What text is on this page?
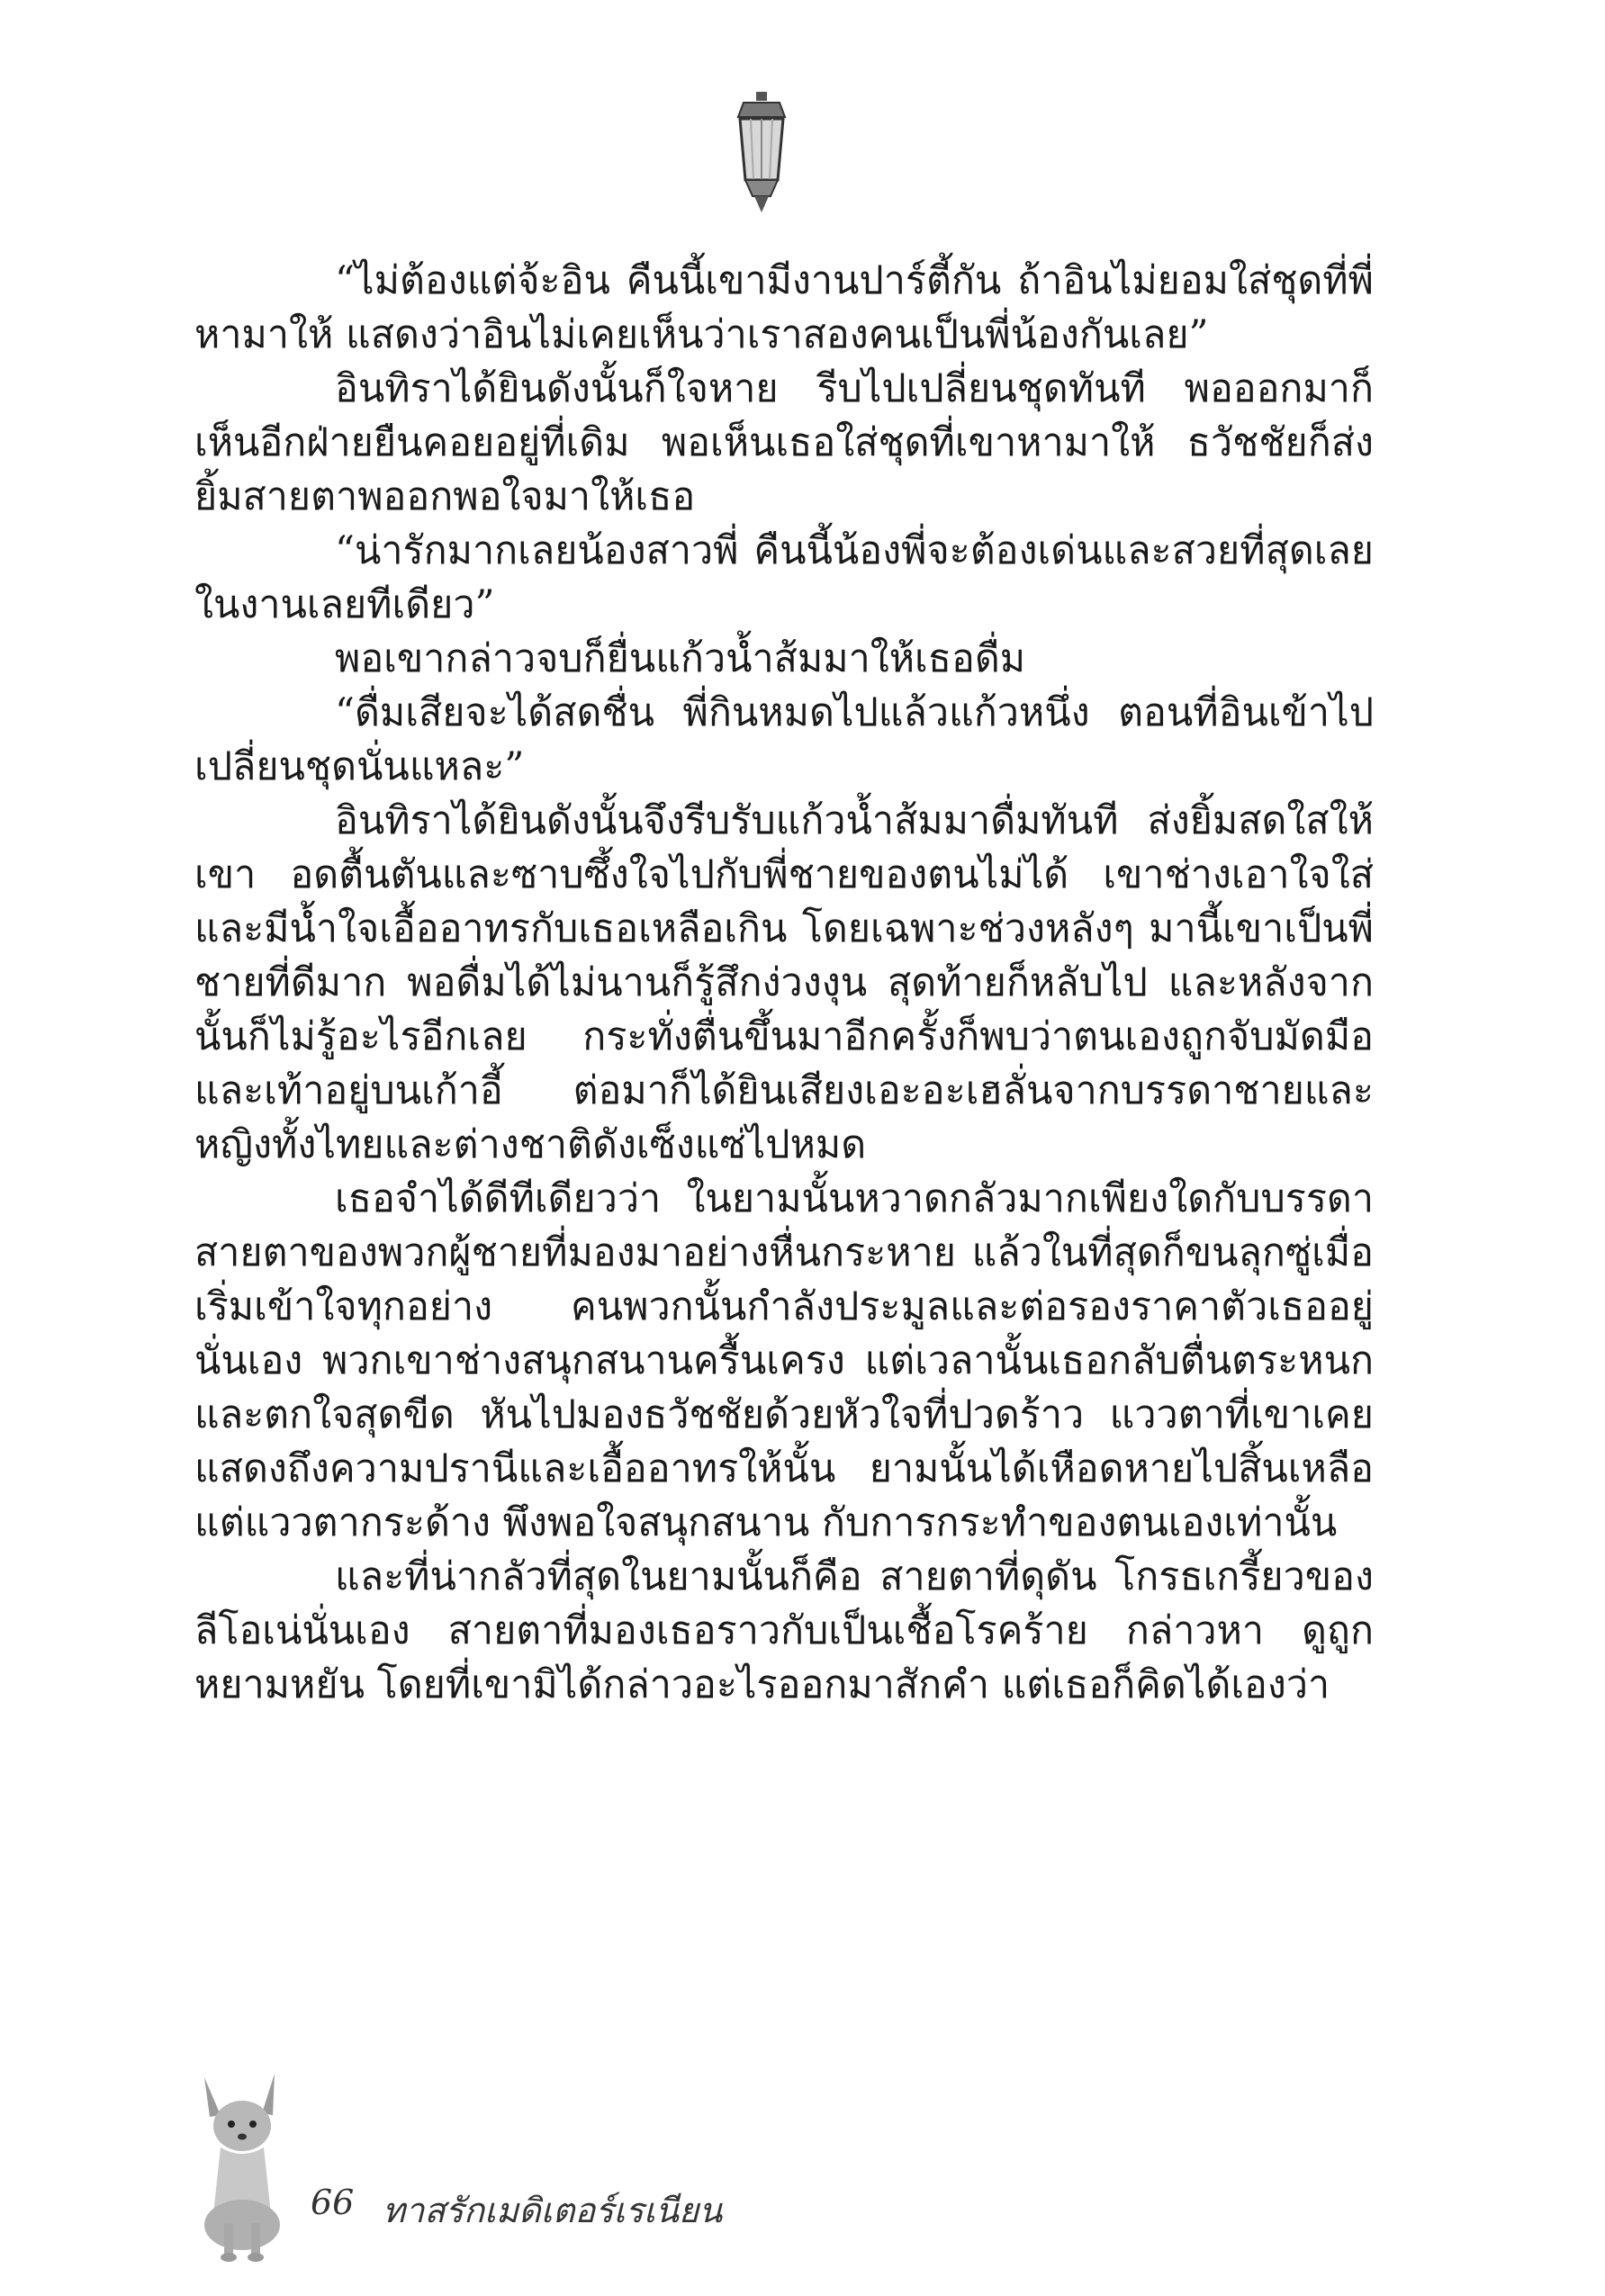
“ไม่ต้องแต่จ้ะอิน คืนนี้เขามีงานปาร์ตี้กัน ถ้าอินไม่ยอมใส่ชุดที่พี่หามาให้ แสดงว่าอินไม่เคยเห็นว่าเราสองคนเป็นพี่น้องกันเลย”

อินทิราได้ยินดังนั้นก็ใจหาย รีบไปเปลี่ยนชุดทันที พอออกมาก็เห็นอีกฝ่ายยืนคอยอยู่ที่เดิม พอเห็นเธอใส่ชุดที่เขาหามาให้ ธวัชชัยก็ส่งยิ้มสายตาพออกพอใจมาให้เธอ

“น่ารักมากเลยน้องสาวพี่ คืนนี้น้องพี่จะต้องเด่นและสวยที่สุดเลยในงานเลยทีเดียว”

พอเขากล่าวจบก็ยื่นแก้วน้ำส้มมาให้เธอดื่ม

“ดื่มเสียจะได้สดชื่น พี่กินหมดไปแล้วแก้วหนึ่ง ตอนที่อินเข้าไปเปลี่ยนชุดนั่นแหละ”

อินทิราได้ยินดังนั้นจึงรีบรับแก้วน้ำส้มมาดื่มทันที ส่งยิ้มสดใสให้เขา อดตื้นตันและซาบซึ้งใจไปกับพี่ชายของตนไม่ได้ เขาช่างเอาใจใส่และมีน้ำใจเอื้ออาทรกับเธอเหลือเกิน โดยเฉพาะช่วงหลังๆ มานี้เขาเป็นพี่ชายที่ดีมาก พอดื่มได้ไม่นานก็รู้สึกง่วงงุน สุดท้ายก็หลับไป และหลังจากนั้นก็ไม่รู้อะไรอีกเลย กระทั่งตื่นขึ้นมาอีกครั้งก็พบว่าตนเองถูกจับมัดมือและเท้าอยู่บนเก้าอี้ ต่อมาก็ได้ยินเสียงเอะอะเฮลั่นจากบรรดาชายและหญิงทั้งไทยและต่างชาติดังเซ็งแซ่ไปหมด

เธอจำได้ดีทีเดียวว่า ในยามนั้นหวาดกลัวมากเพียงใดกับบรรดาสายตาของพวกผู้ชายที่มองมาอย่างหื่นกระหาย แล้วในที่สุดก็ขนลุกซู่เมื่อเริ่มเข้าใจทุกอย่าง คนพวกนั้นกำลังประมูลและต่อรองราคาตัวเธออยู่นั่นเอง พวกเขาช่างสนุกสนานครื้นเครง แต่เวลานั้นเธอกลับตื่นตระหนกและตกใจสุดขีด หันไปมองธวัชชัยด้วยหัวใจที่ปวดร้าว แววตาที่เขาเคยแสดงถึงความปรานีและเอื้ออาทรให้นั้น ยามนั้นได้เหือดหายไปสิ้นเหลือแต่แววตากระด้าง พึงพอใจสนุกสนาน กับการกระทำของตนเองเท่านั้น

และที่น่ากลัวที่สุดในยามนั้นก็คือ สายตาที่ดุดัน โกรธเกรี้ยวของลีโอเน่นั่นเอง สายตาที่มองเธอราวกับเป็นเชื้อโรคร้าย กล่าวหา ดูถูกหยามหยัน โดยที่เขามิได้กล่าวอะไรออกมาสักคำ แต่เธอก็คิดได้เองว่า

66 ทาสรักเมดิเตอร์เรเนียน
